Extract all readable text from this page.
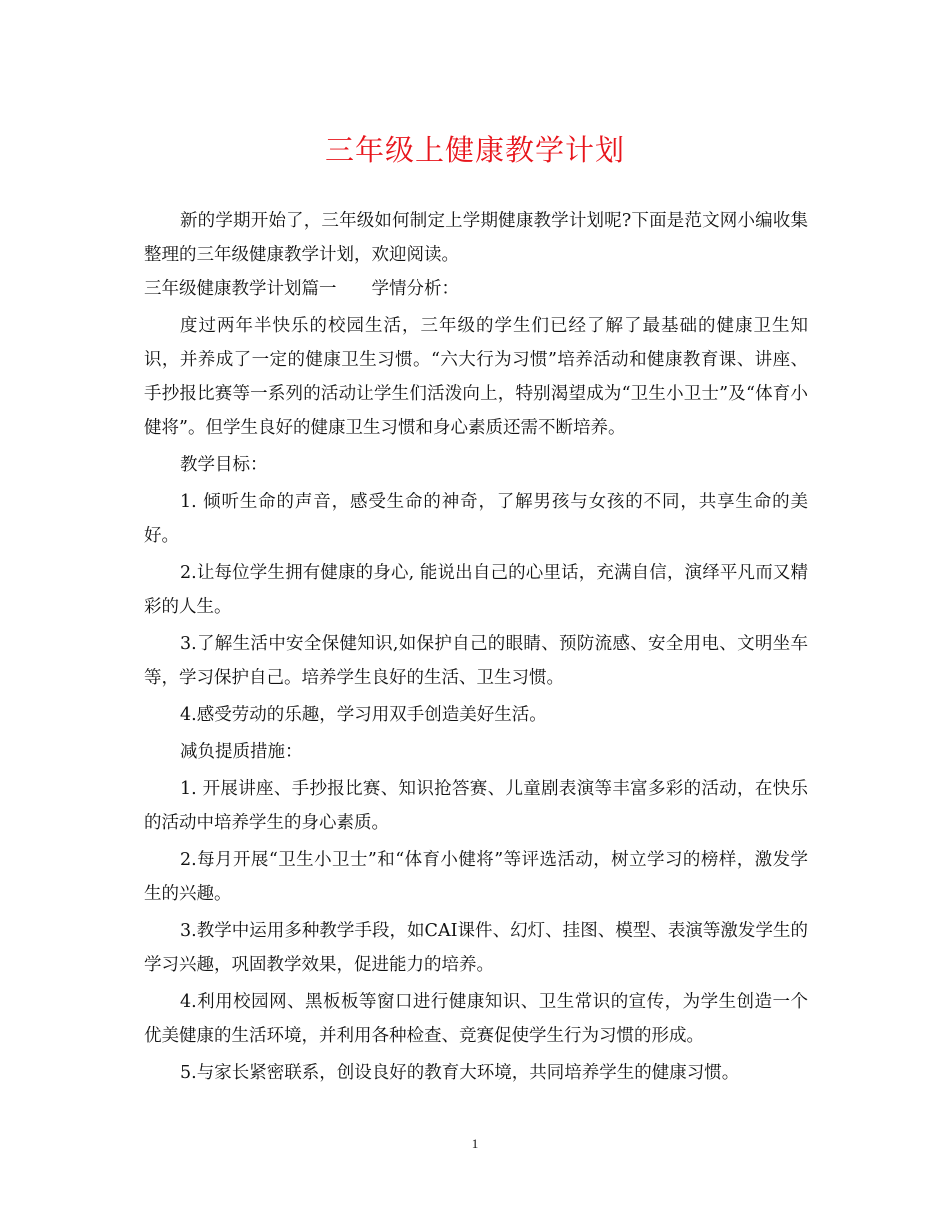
三年级上健康教学计划

新的学期开始了，三年级如何制定上学期健康教学计划呢?下面是范文网小编收集整理的三年级健康教学计划，欢迎阅读。

三年级健康教学计划篇一　　学情分析：

度过两年半快乐的校园生活，三年级的学生们已经了解了最基础的健康卫生知识，并养成了一定的健康卫生习惯。“六大行为习惯”培养活动和健康教育课、讲座、手抄报比赛等一系列的活动让学生们活泼向上，特别渴望成为“卫生小卫士”及“体育小健将”。但学生良好的健康卫生习惯和身心素质还需不断培养。

教学目标：

1. 倾听生命的声音，感受生命的神奇，了解男孩与女孩的不同，共享生命的美好。

2.让每位学生拥有健康的身心, 能说出自己的心里话，充满自信，演绎平凡而又精彩的人生。

3.了解生活中安全保健知识,如保护自己的眼睛、预防流感、安全用电、文明坐车等，学习保护自己。培养学生良好的生活、卫生习惯。

4.感受劳动的乐趣，学习用双手创造美好生活。

减负提质措施：

1. 开展讲座、手抄报比赛、知识抢答赛、儿童剧表演等丰富多彩的活动，在快乐的活动中培养学生的身心素质。

2.每月开展“卫生小卫士”和“体育小健将”等评选活动，树立学习的榜样，激发学生的兴趣。

3.教学中运用多种教学手段，如CAI课件、幻灯、挂图、模型、表演等激发学生的学习兴趣，巩固教学效果，促进能力的培养。

4.利用校园网、黑板板等窗口进行健康知识、卫生常识的宣传，为学生创造一个优美健康的生活环境，并利用各种检查、竞赛促使学生行为习惯的形成。

5.与家长紧密联系，创设良好的教育大环境，共同培养学生的健康习惯。

1
